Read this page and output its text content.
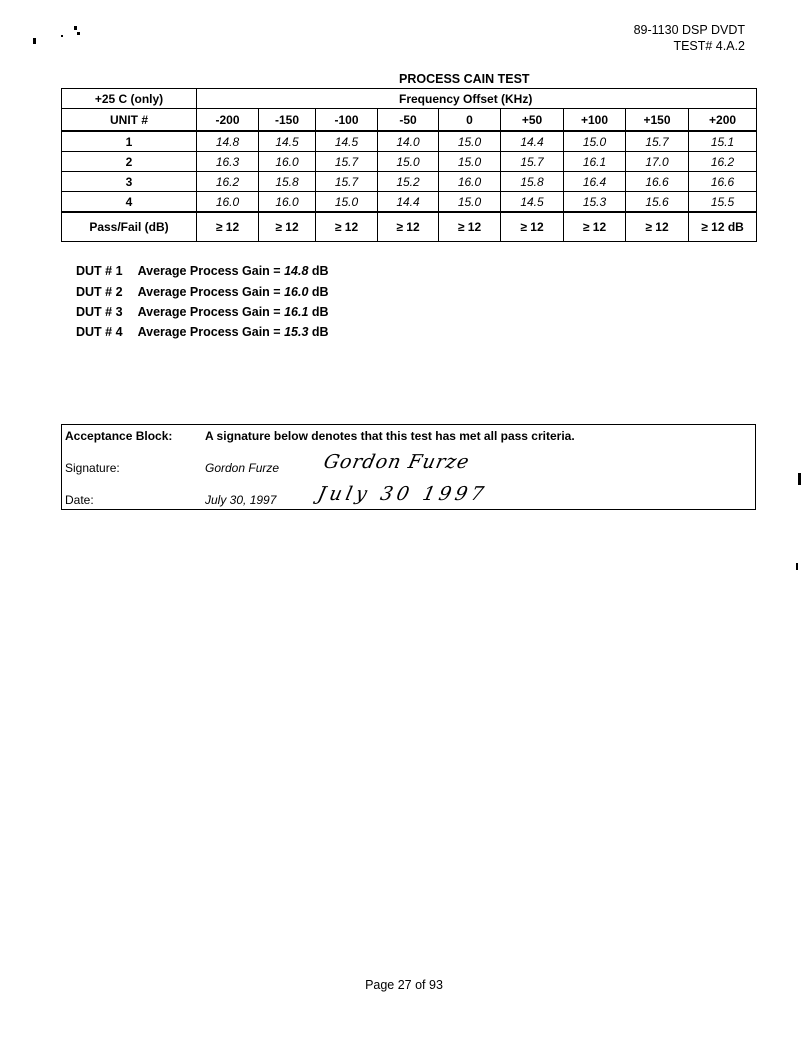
89-1130 DSP DVDT
TEST# 4.A.2
PROCESS CAIN TEST
+25 C (only)	Frequency Offset (KHz)								
UNIT #	-200	-150	-100	-50	0	+50	+100	+150	+200
1	14.8	14.5	14.5	14.0	15.0	14.4	15.0	15.7	15.1
2	16.3	16.0	15.7	15.0	15.0	15.7	16.1	17.0	16.2
3	16.2	15.8	15.7	15.2	16.0	15.8	16.4	16.6	16.6
4	16.0	16.0	15.0	14.4	15.0	14.5	15.3	15.6	15.5
Pass/Fail (dB)	≥ 12	≥ 12	≥ 12	≥ 12	≥ 12	≥ 12	≥ 12	≥ 12	≥ 12 dB
DUT # 1 Average Process Gain = 14.8 dB
DUT # 2 Average Process Gain = 16.0 dB
DUT # 3 Average Process Gain = 16.1 dB
DUT # 4 Average Process Gain = 15.3 dB
Acceptance Block:	A signature below denotes that this test has met all pass criteria.
Signature:	Gordon Furze Gordon Furze
Date:	July 30, 1997 July 30 1997
Page 27 of 93
